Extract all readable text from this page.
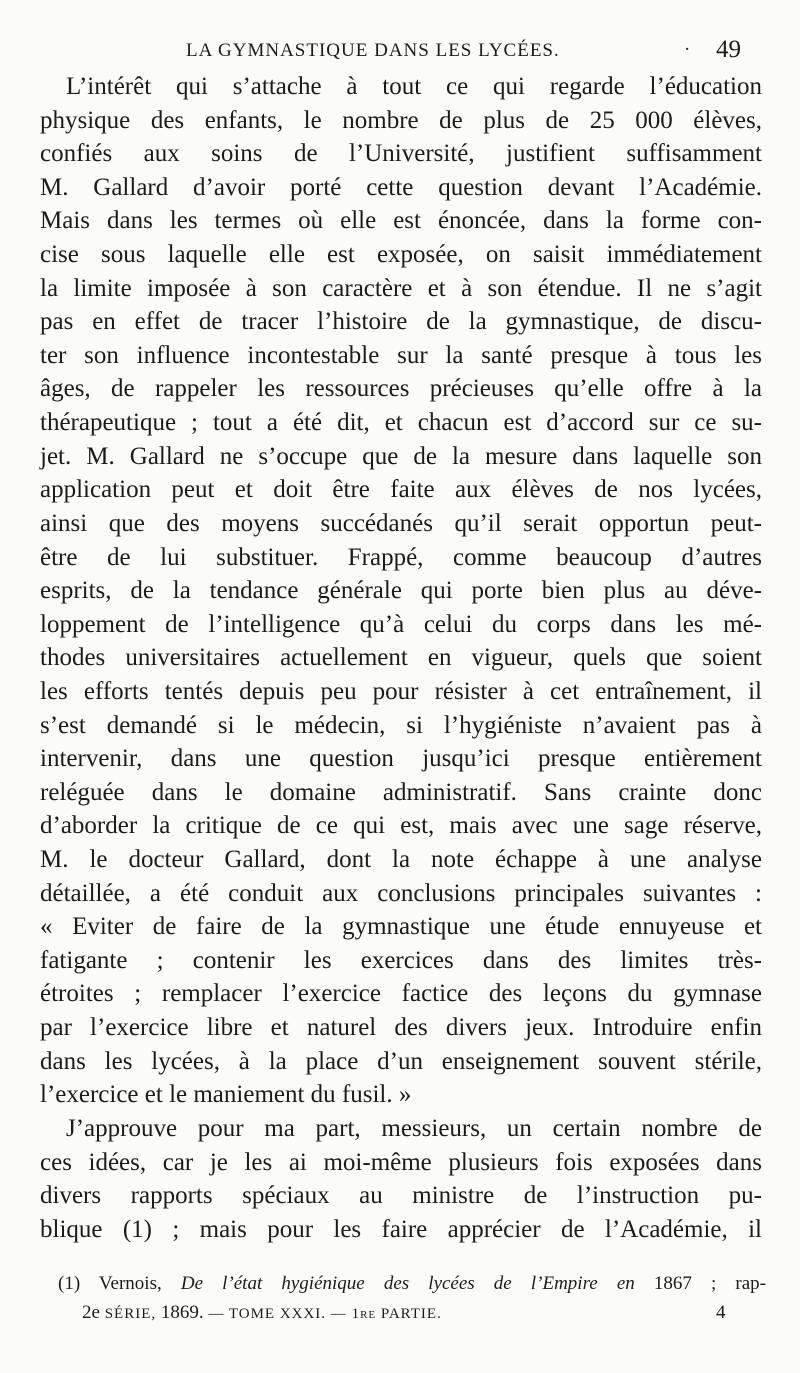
LA GYMNASTIQUE DANS LES LYCÉES.	· 49
L’intérêt qui s’attache à tout ce qui regarde l’éducation
physique des enfants, le nombre de plus de 25 000 élèves,
confiés aux soins de l’Université, justifient suffisamment
M. Gallard d’avoir porté cette question devant l’Académie.
Mais dans les termes où elle est énoncée, dans la forme con-
cise sous laquelle elle est exposée, on saisit immédiatement
la limite imposée à son caractère et à son étendue. Il ne s’agit
pas en effet de tracer l’histoire de la gymnastique, de discu-
ter son influence incontestable sur la santé presque à tous les
âges, de rappeler les ressources précieuses qu’elle offre à la
thérapeutique ; tout a été dit, et chacun est d’accord sur ce su-
jet. M. Gallard ne s’occupe que de la mesure dans laquelle son
application peut et doit être faite aux élèves de nos lycées,
ainsi que des moyens succédanés qu’il serait opportun peut-
être de lui substituer. Frappé, comme beaucoup d’autres
esprits, de la tendance générale qui porte bien plus au déve-
loppement de l’intelligence qu’à celui du corps dans les mé-
thodes universitaires actuellement en vigueur, quels que soient
les efforts tentés depuis peu pour résister à cet entraînement, il
s’est demandé si le médecin, si l’hygiéniste n’avaient pas à
intervenir, dans une question jusqu’ici presque entièrement
reléguée dans le domaine administratif. Sans crainte donc
d’aborder la critique de ce qui est, mais avec une sage réserve,
M. le docteur Gallard, dont la note échappe à une analyse
détaillée, a été conduit aux conclusions principales suivantes :
« Eviter de faire de la gymnastique une étude ennuyeuse et
fatigante ; contenir les exercices dans des limites très-
étroites ; remplacer l’exercice factice des leçons du gymnase
par l’exercice libre et naturel des divers jeux. Introduire enfin
dans les lycées, à la place d’un enseignement souvent stérile,
l’exercice et le maniement du fusil. »
J’approuve pour ma part, messieurs, un certain nombre de
ces idées, car je les ai moi-même plusieurs fois exposées dans
divers rapports spéciaux au ministre de l’instruction pu-
blique (1) ; mais pour les faire apprécier de l’Académie, il
(1) Vernois, De l’état hygiénique des lycées de l’Empire en 1867 ; rap-
2e SÉRIE, 1869. — TOME XXXI. — 1re PARTIE.	4
